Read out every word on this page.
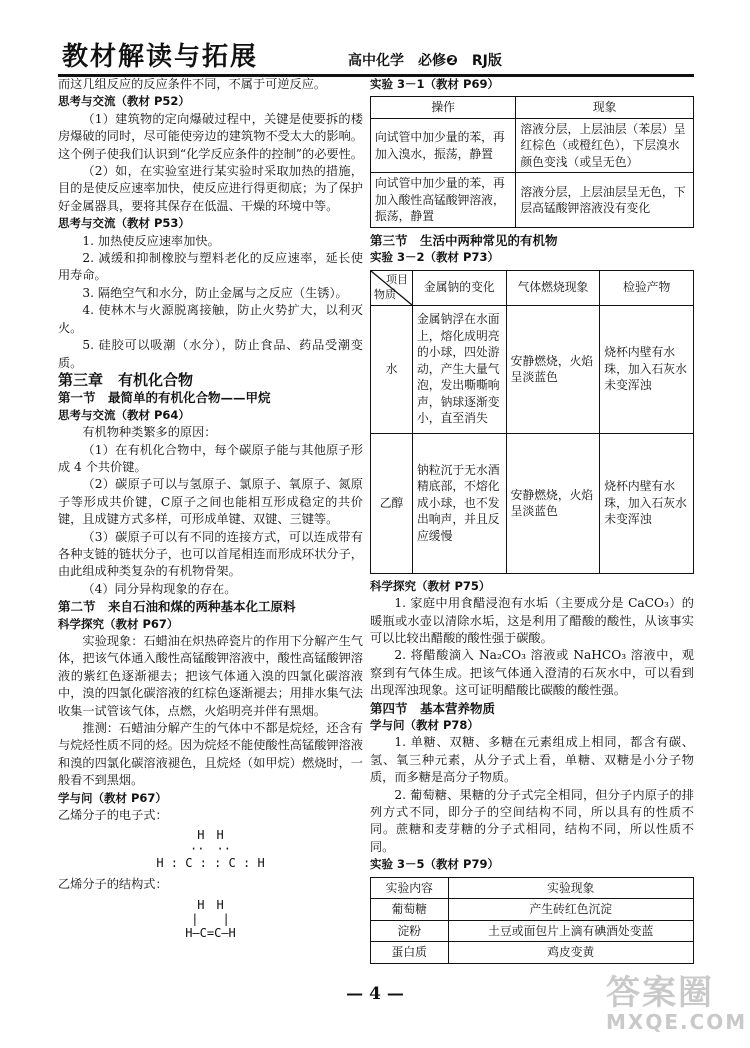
教材解读与拓展	高中化学　必修❷　RJ版

而这几组反应的反应条件不同，不属于可逆反应。

思考与交流（教材 P52）

（1）建筑物的定向爆破过程中，关键是使要拆的楼房爆破的同时，尽可能使旁边的建筑物不受太大的影响。这个例子使我们认识到“化学反应条件的控制”的必要性。

（2）如，在实验室进行某实验时采取加热的措施，目的是使反应速率加快，使反应进行得更彻底；为了保护好金属器具，要将其保存在低温、干燥的环境中等。

思考与交流（教材 P53）

1. 加热使反应速率加快。

2. 减缓和抑制橡胶与塑料老化的反应速率，延长使用寿命。

3. 隔绝空气和水分，防止金属与之反应（生锈）。

4. 使林木与火源脱离接触，防止火势扩大，以利灭火。

5. 硅胶可以吸潮（水分），防止食品、药品受潮变质。

第三章　有机化合物

第一节　最简单的有机化合物——甲烷

思考与交流（教材 P64）

有机物种类繁多的原因：

（1）在有机化合物中，每个碳原子能与其他原子形成 4 个共价键。

（2）碳原子可以与氢原子、氯原子、氧原子、氮原子等形成共价键，C原子之间也能相互形成稳定的共价键，且成键方式多样，可形成单键、双键、三键等。

（3）碳原子可以有不同的连接方式，可以连成带有各种支链的链状分子，也可以首尾相连而形成环状分子，由此组成种类复杂的有机物骨架。

（4）同分异构现象的存在。

第二节　来自石油和煤的两种基本化工原料

科学探究（教材 P67）

实验现象：石蜡油在炽热碎瓷片的作用下分解产生气体，把该气体通入酸性高锰酸钾溶液中，酸性高锰酸钾溶液的紫红色逐渐褪去；把该气体通入溴的四氯化碳溶液中，溴的四氯化碳溶液的红棕色逐渐褪去；用排水集气法收集一试管该气体，点燃，火焰明亮并伴有黑烟。

推测：石蜡油分解产生的气体中不都是烷烃，还含有与烷烃性质不同的烃。因为烷烃不能使酸性高锰酸钾溶液和溴的四氯化碳溶液褪色，且烷烃（如甲烷）燃烧时，一般看不到黑烟。

学与问（教材 P67）

乙烯分子的电子式：

H　H
··　··
H : C : : C : H

乙烯分子的结构式：

H　H
|　　|
H—C=C—H

实验 3－1（教材 P69）

操作	现象
向试管中加少量的苯，再加入溴水，振荡，静置	溶液分层，上层油层（苯层）呈红棕色（或橙红色），下层溴水颜色变浅（或呈无色）
向试管中加少量的苯，再加入酸性高锰酸钾溶液，振荡，静置	溶液分层，上层油层呈无色，下层高锰酸钾溶液没有变化

第三节　生活中两种常见的有机物

实验 3－2（教材 P73）

项目
物质	金属钠的变化	气体燃烧现象	检验产物
水	金属钠浮在水面上，熔化成明亮的小球，四处游动，产生大量气泡，发出嘶嘶响声，钠球逐渐变小，直至消失	安静燃烧，火焰呈淡蓝色	烧杯内壁有水珠，加入石灰水未变浑浊
乙醇	钠粒沉于无水酒精底部，不熔化成小球，也不发出响声，并且反应缓慢	安静燃烧，火焰呈淡蓝色	烧杯内壁有水珠，加入石灰水未变浑浊

科学探究（教材 P75）

1. 家庭中用食醋浸泡有水垢（主要成分是 CaCO₃）的暖瓶或水壶以清除水垢，这是利用了醋酸的酸性，从该事实可以比较出醋酸的酸性强于碳酸。

2. 将醋酸滴入 Na₂CO₃ 溶液或 NaHCO₃ 溶液中，观察到有气体生成。把该气体通入澄清的石灰水中，可以看到出现浑浊现象。这可证明醋酸比碳酸的酸性强。

第四节　基本营养物质

学与问（教材 P78）

1. 单糖、双糖、多糖在元素组成上相同，都含有碳、氢、氧三种元素，从分子式上看，单糖、双糖是小分子物质，而多糖是高分子物质。

2. 葡萄糖、果糖的分子式完全相同，但分子内原子的排列方式不同，即分子的空间结构不同，所以具有的性质不同。蔗糖和麦芽糖的分子式相同，结构不同，所以性质不同。

实验 3－5（教材 P79）

实验内容	实验现象
葡萄糖	产生砖红色沉淀
淀粉	土豆或面包片上滴有碘酒处变蓝
蛋白质	鸡皮变黄
— 4 —	答案圈
MXQE.COM
